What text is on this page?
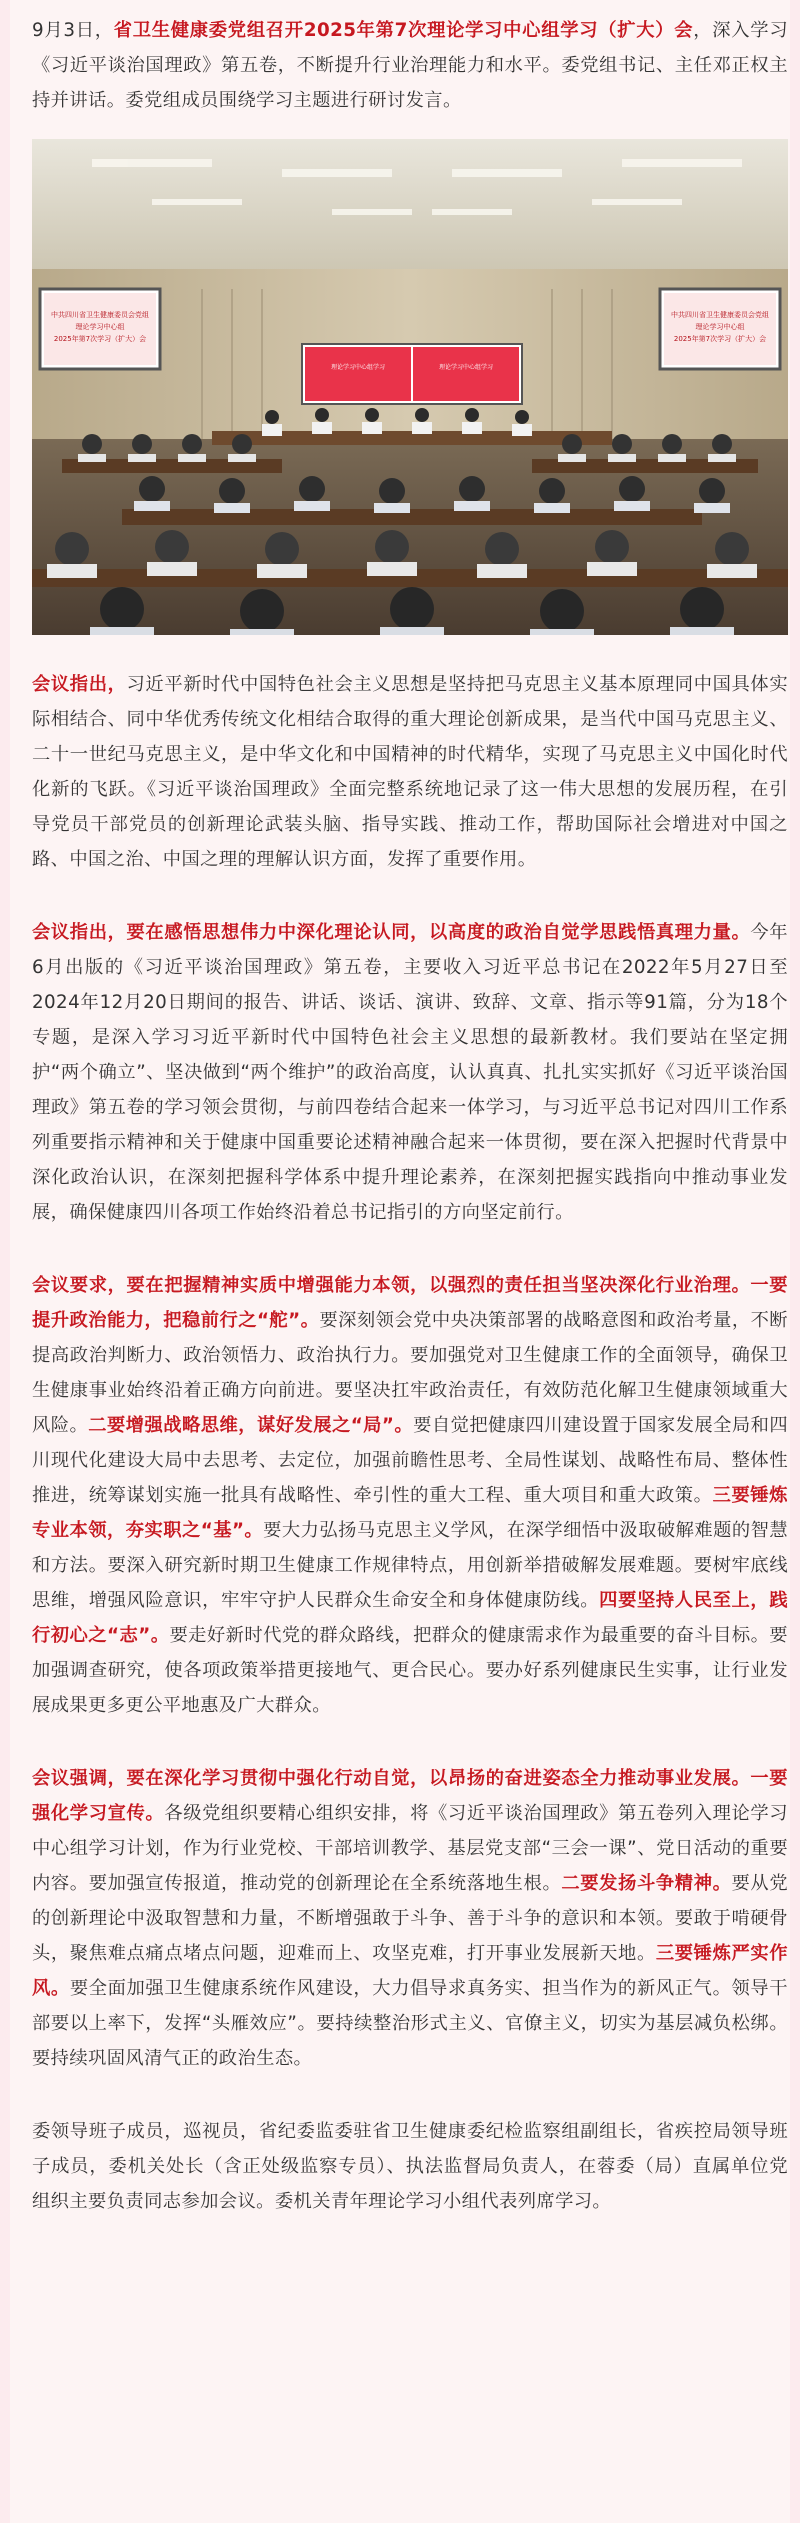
9月3日，省卫生健康委党组召开2025年第7次理论学习中心组学习（扩大）会，深入学习《习近平谈治国理政》第五卷，不断提升行业治理能力和水平。委党组书记、主任邓正权主持并讲话。委党组成员围绕学习主题进行研讨发言。

中共四川省卫生健康委员会党组
理论学习中心组
2025年第7次学习（扩大）会
中共四川省卫生健康委员会党组
理论学习中心组
2025年第7次学习（扩大）会
理论学习中心组学习	理论学习中心组学习

会议指出，习近平新时代中国特色社会主义思想是坚持把马克思主义基本原理同中国具体实际相结合、同中华优秀传统文化相结合取得的重大理论创新成果，是当代中国马克思主义、二十一世纪马克思主义，是中华文化和中国精神的时代精华，实现了马克思主义中国化时代化新的飞跃。《习近平谈治国理政》全面完整系统地记录了这一伟大思想的发展历程，在引导党员干部党员的创新理论武装头脑、指导实践、推动工作，帮助国际社会增进对中国之路、中国之治、中国之理的理解认识方面，发挥了重要作用。

会议指出，要在感悟思想伟力中深化理论认同，以高度的政治自觉学思践悟真理力量。今年6月出版的《习近平谈治国理政》第五卷，主要收入习近平总书记在2022年5月27日至2024年12月20日期间的报告、讲话、谈话、演讲、致辞、文章、指示等91篇，分为18个专题，是深入学习习近平新时代中国特色社会主义思想的最新教材。我们要站在坚定拥护“两个确立”、坚决做到“两个维护”的政治高度，认认真真、扎扎实实抓好《习近平谈治国理政》第五卷的学习领会贯彻，与前四卷结合起来一体学习，与习近平总书记对四川工作系列重要指示精神和关于健康中国重要论述精神融合起来一体贯彻，要在深入把握时代背景中深化政治认识，在深刻把握科学体系中提升理论素养，在深刻把握实践指向中推动事业发展，确保健康四川各项工作始终沿着总书记指引的方向坚定前行。

会议要求，要在把握精神实质中增强能力本领，以强烈的责任担当坚决深化行业治理。一要提升政治能力，把稳前行之“舵”。要深刻领会党中央决策部署的战略意图和政治考量，不断提高政治判断力、政治领悟力、政治执行力。要加强党对卫生健康工作的全面领导，确保卫生健康事业始终沿着正确方向前进。要坚决扛牢政治责任，有效防范化解卫生健康领域重大风险。二要增强战略思维，谋好发展之“局”。要自觉把健康四川建设置于国家发展全局和四川现代化建设大局中去思考、去定位，加强前瞻性思考、全局性谋划、战略性布局、整体性推进，统筹谋划实施一批具有战略性、牵引性的重大工程、重大项目和重大政策。三要锤炼专业本领，夯实职之“基”。要大力弘扬马克思主义学风，在深学细悟中汲取破解难题的智慧和方法。要深入研究新时期卫生健康工作规律特点，用创新举措破解发展难题。要树牢底线思维，增强风险意识，牢牢守护人民群众生命安全和身体健康防线。四要坚持人民至上，践行初心之“志”。要走好新时代党的群众路线，把群众的健康需求作为最重要的奋斗目标。要加强调查研究，使各项政策举措更接地气、更合民心。要办好系列健康民生实事，让行业发展成果更多更公平地惠及广大群众。

会议强调，要在深化学习贯彻中强化行动自觉，以昂扬的奋进姿态全力推动事业发展。一要强化学习宣传。各级党组织要精心组织安排，将《习近平谈治国理政》第五卷列入理论学习中心组学习计划，作为行业党校、干部培训教学、基层党支部“三会一课”、党日活动的重要内容。要加强宣传报道，推动党的创新理论在全系统落地生根。二要发扬斗争精神。要从党的创新理论中汲取智慧和力量，不断增强敢于斗争、善于斗争的意识和本领。要敢于啃硬骨头，聚焦难点痛点堵点问题，迎难而上、攻坚克难，打开事业发展新天地。三要锤炼严实作风。要全面加强卫生健康系统作风建设，大力倡导求真务实、担当作为的新风正气。领导干部要以上率下，发挥“头雁效应”。要持续整治形式主义、官僚主义，切实为基层减负松绑。要持续巩固风清气正的政治生态。

委领导班子成员，巡视员，省纪委监委驻省卫生健康委纪检监察组副组长，省疾控局领导班子成员，委机关处长（含正处级监察专员）、执法监督局负责人，在蓉委（局）直属单位党组织主要负责同志参加会议。委机关青年理论学习小组代表列席学习。
